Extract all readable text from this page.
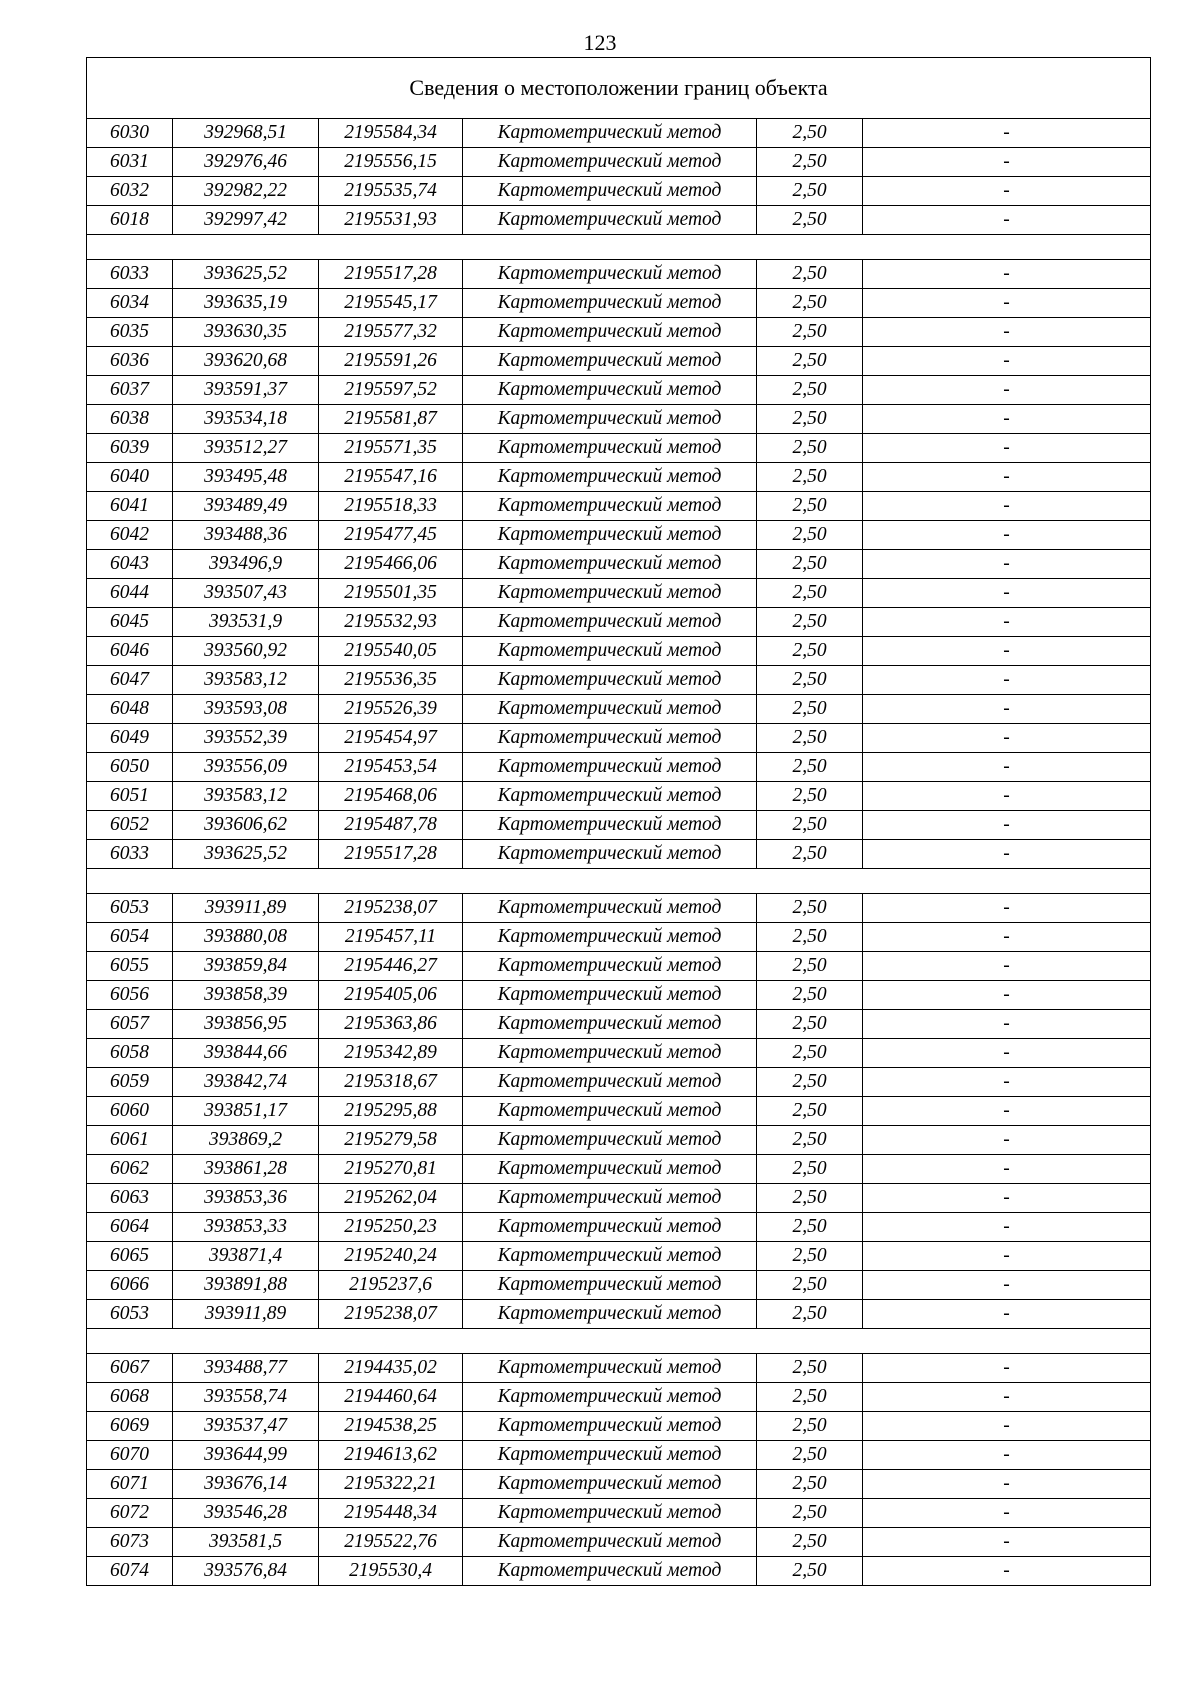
123
Сведения о местоположении границ объекта					
6030	392968,51	2195584,34	Картометрический метод	2,50	-
6031	392976,46	2195556,15	Картометрический метод	2,50	-
6032	392982,22	2195535,74	Картометрический метод	2,50	-
6018	392997,42	2195531,93	Картометрический метод	2,50	-

6033	393625,52	2195517,28	Картометрический метод	2,50	-
6034	393635,19	2195545,17	Картометрический метод	2,50	-
6035	393630,35	2195577,32	Картометрический метод	2,50	-
6036	393620,68	2195591,26	Картометрический метод	2,50	-
6037	393591,37	2195597,52	Картометрический метод	2,50	-
6038	393534,18	2195581,87	Картометрический метод	2,50	-
6039	393512,27	2195571,35	Картометрический метод	2,50	-
6040	393495,48	2195547,16	Картометрический метод	2,50	-
6041	393489,49	2195518,33	Картометрический метод	2,50	-
6042	393488,36	2195477,45	Картометрический метод	2,50	-
6043	393496,9	2195466,06	Картометрический метод	2,50	-
6044	393507,43	2195501,35	Картометрический метод	2,50	-
6045	393531,9	2195532,93	Картометрический метод	2,50	-
6046	393560,92	2195540,05	Картометрический метод	2,50	-
6047	393583,12	2195536,35	Картометрический метод	2,50	-
6048	393593,08	2195526,39	Картометрический метод	2,50	-
6049	393552,39	2195454,97	Картометрический метод	2,50	-
6050	393556,09	2195453,54	Картометрический метод	2,50	-
6051	393583,12	2195468,06	Картометрический метод	2,50	-
6052	393606,62	2195487,78	Картометрический метод	2,50	-
6033	393625,52	2195517,28	Картометрический метод	2,50	-

6053	393911,89	2195238,07	Картометрический метод	2,50	-
6054	393880,08	2195457,11	Картометрический метод	2,50	-
6055	393859,84	2195446,27	Картометрический метод	2,50	-
6056	393858,39	2195405,06	Картометрический метод	2,50	-
6057	393856,95	2195363,86	Картометрический метод	2,50	-
6058	393844,66	2195342,89	Картометрический метод	2,50	-
6059	393842,74	2195318,67	Картометрический метод	2,50	-
6060	393851,17	2195295,88	Картометрический метод	2,50	-
6061	393869,2	2195279,58	Картометрический метод	2,50	-
6062	393861,28	2195270,81	Картометрический метод	2,50	-
6063	393853,36	2195262,04	Картометрический метод	2,50	-
6064	393853,33	2195250,23	Картометрический метод	2,50	-
6065	393871,4	2195240,24	Картометрический метод	2,50	-
6066	393891,88	2195237,6	Картометрический метод	2,50	-
6053	393911,89	2195238,07	Картометрический метод	2,50	-

6067	393488,77	2194435,02	Картометрический метод	2,50	-
6068	393558,74	2194460,64	Картометрический метод	2,50	-
6069	393537,47	2194538,25	Картометрический метод	2,50	-
6070	393644,99	2194613,62	Картометрический метод	2,50	-
6071	393676,14	2195322,21	Картометрический метод	2,50	-
6072	393546,28	2195448,34	Картометрический метод	2,50	-
6073	393581,5	2195522,76	Картометрический метод	2,50	-
6074	393576,84	2195530,4	Картометрический метод	2,50	-
